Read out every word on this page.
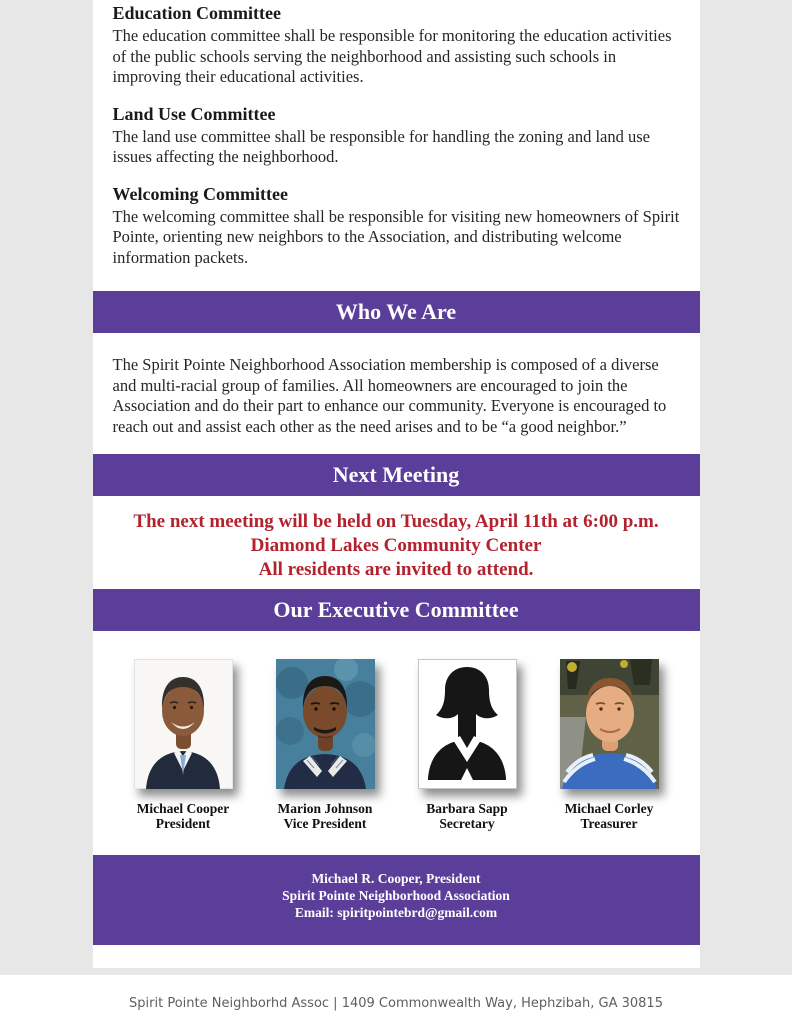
Education Committee

The education committee shall be responsible for monitoring the education activities of the public schools serving the neighborhood and assisting such schools in improving their educational activities.

Land Use Committee

The land use committee shall be responsible for handling the zoning and land use issues affecting the neighborhood.

Welcoming Committee

The welcoming committee shall be responsible for visiting new homeowners of Spirit Pointe, orienting new neighbors to the Association, and distributing welcome information packets.

Who We Are

The Spirit Pointe Neighborhood Association membership is composed of a diverse and multi-racial group of families. All homeowners are encouraged to join the Association and do their part to enhance our community. Everyone is encouraged to reach out and assist each other as the need arises and to be “a good neighbor.”

Next Meeting
The next meeting will be held on Tuesday, April 11th at 6:00 p.m.
Diamond Lakes Community Center
All residents are invited to attend.
Our Executive Committee
Michael Cooper
President
Marion Johnson
Vice President
Barbara Sapp
Secretary
Michael Corley
Treasurer
Michael R. Cooper, President
Spirit Pointe Neighborhood Association
Email: spiritpointebrd@gmail.com
Spirit Pointe Neighborhd Assoc | 1409 Commonwealth Way, Hephzibah, GA 30815
